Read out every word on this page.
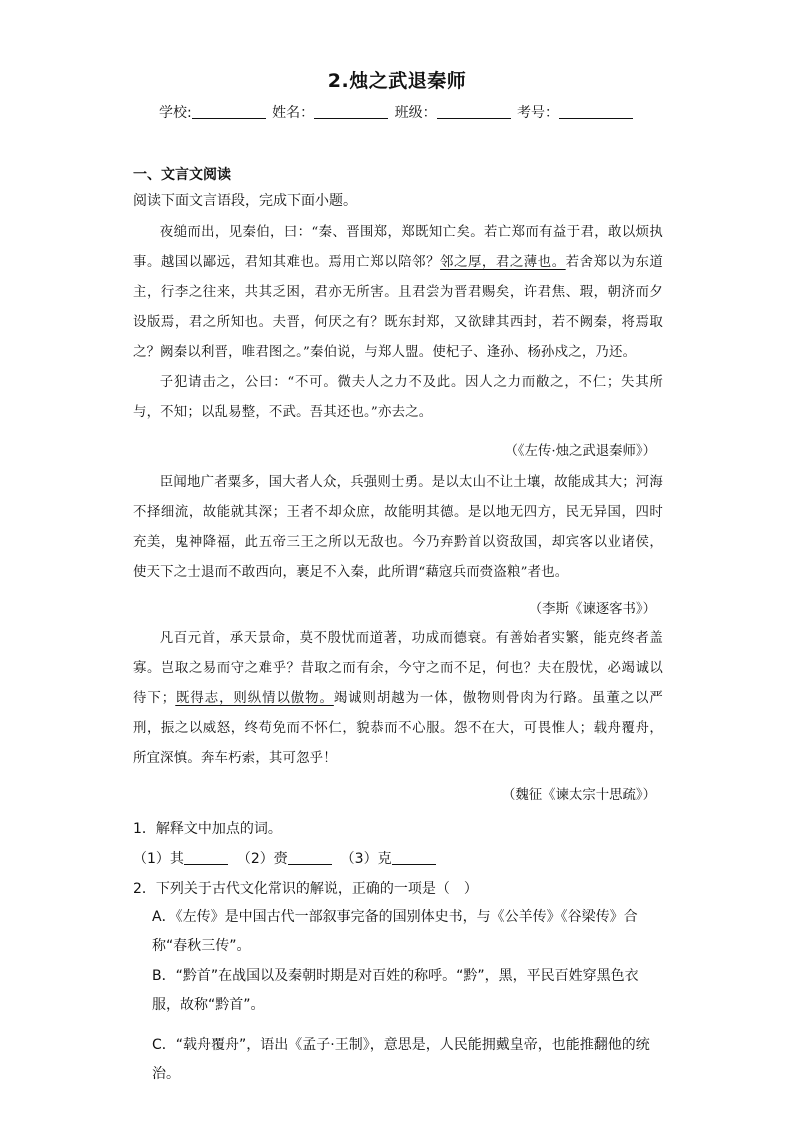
2.烛之武退秦师
学校:	姓名：	班级：	考号：
一、文言文阅读
阅读下面文言语段，完成下面小题。

夜缒而出，见秦伯，曰：“秦、晋围郑，郑既知亡矣。若亡郑而有益于君，敢以烦执事。越国以鄙远，君知其难也。焉用亡郑以陪邻？邻之厚，君之薄也。若舍郑以为东道主，行李之往来，共其乏困，君亦无所害。且君尝为晋君赐矣，许君焦、瑕，朝济而夕设版焉，君之所知也。夫晋，何厌之有？既东封郑，又欲肆其西封，若不阙秦，将焉取之？阙秦以利晋，唯君图之。”秦伯说，与郑人盟。使杞子、逢孙、杨孙戍之，乃还。

子犯请击之，公曰：“不可。微夫人之力不及此。因人之力而敝之，不仁；失其所与，不知；以乱易整，不武。吾其还也。”亦去之。

（《左传·烛之武退秦师》）

臣闻地广者粟多，国大者人众，兵强则士勇。是以太山不让土壤，故能成其大；河海不择细流，故能就其深；王者不却众庶，故能明其德。是以地无四方，民无异国，四时充美，鬼神降福，此五帝三王之所以无敌也。今乃弃黔首以资敌国，却宾客以业诸侯，使天下之士退而不敢西向，裹足不入秦，此所谓“藉寇兵而赍盗粮”者也。

（李斯《谏逐客书》）

凡百元首，承天景命，莫不殷忧而道著，功成而德衰。有善始者实繁，能克终者盖寡。岂取之易而守之难乎？昔取之而有余，今守之而不足，何也？夫在殷忧，必竭诚以待下；既得志，则纵情以傲物。竭诚则胡越为一体，傲物则骨肉为行路。虽董之以严刑，振之以威怒，终苟免而不怀仁，貌恭而不心服。怨不在大，可畏惟人；载舟覆舟，所宜深慎。奔车朽索，其可忽乎！

（魏征《谏太宗十思疏》）
1．解释文中加点的词。
（1）其	（2）赍	（3）克
2．下列关于古代文化常识的解说，正确的一项是（　）
A．《左传》是中国古代一部叙事完备的国别体史书，与《公羊传》《谷梁传》合称“春秋三传”。
B．“黔首”在战国以及秦朝时期是对百姓的称呼。“黔”，黑，平民百姓穿黑色衣服，故称“黔首”。
C．“载舟覆舟”，语出《孟子·王制》，意思是，人民能拥戴皇帝，也能推翻他的统治。
